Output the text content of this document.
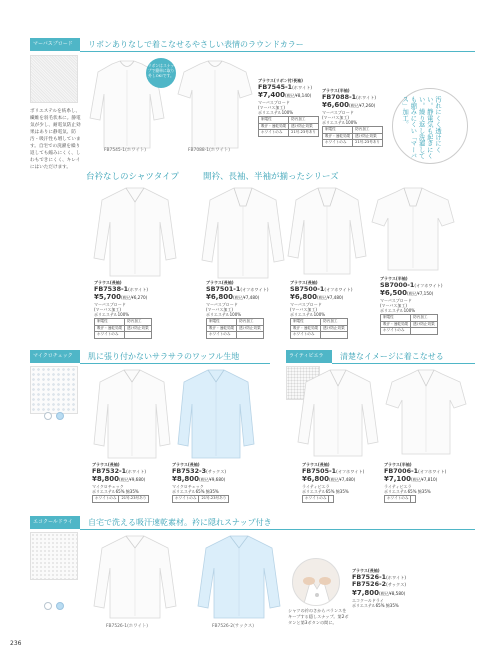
マーバスブロード	リボンありなしで着こなせるやさしい表情のラウンドカラー
ポリエステルを紡糸し、繊維を羽毛状本に。静電気が少し、耐電気防止効果はありに静電気、防汚・吸汗性も増しています。自宅での洗濯を繰り返しても縮みにくく、しわもできにくく、キレイにはいただけます。
リボンはスナップで簡単に取り外しOK!です。
FB7545-1(ホワイト)	FB7088-1(ホワイト)
ブラウス(リボン付/長袖)
FB7545-1(ホワイト)
¥7,400(税込¥8,140)
マーバスブロード
(マーバス加工)
ポリエステル100%
制電性	防汚加工
吸汗・速乾効果	透け防止効果
ホワイトのみ	21号-23号あり
ブラウス(半袖)
FB7088-1(ホワイト)
¥6,600(税込¥7,260)
マーバスブロード
(マーバス加工)
ポリエステル100%
制電性	防汚加工
吸汗・速乾効果	透け防止効果
ホワイトのみ	21号-23号あり	汚れにくく透けにくい。静電気も起きにくい。繰り返し洗濯しても縮みにくい「マーバス」加工。
台衿なしのシャツタイプ	開衿、長袖、半袖が揃ったシリーズ
ブラウス(長袖)
FB7538-1(ホワイト)
¥5,700(税込¥6,270)
マーバスブロード
(マーバス加工)
ポリエステル100%
制電性	防汚加工
吸汗・速乾効果	透け防止効果
ホワイトのみ	
ブラウス(長袖)
SB7501-1(オフホワイト)
¥6,800(税込¥7,480)
マーバスブロード
(マーバス加工)
ポリエステル100%
制電性	防汚加工
吸汗・速乾効果	透け防止効果
ホワイトのみ	
ブラウス(長袖)
SB7500-1(オフホワイト)
¥6,800(税込¥7,480)
マーバスブロード
(マーバス加工)
ポリエステル100%
制電性	防汚加工
吸汗・速乾効果	透け防止効果
ホワイトのみ	
ブラウス(半袖)
SB7000-1(オフホワイト)
¥6,500(税込¥7,150)
マーバスブロード
(マーバス加工)
ポリエステル100%
制電性	防汚加工
吸汗・速乾効果	透け防止効果
ホワイトのみ	
マイクロチェック	肌に張り付かないサラサラのワッフル生地
ブラウス(長袖)
FB7532-1(ホワイト)
¥8,800(税込¥9,680)
マイクロチェック
ポリエステル65% 綿35%
ホワイトのみ	21号-23号あり
ブラウス(長袖)
FB7532-3(サックス)
¥8,800(税込¥9,680)
マイクロチェック
ポリエステル65% 綿35%
ホワイトのみ	21号-23号あり
ライティピエラ	清楚なイメージに着こなせる
ブラウス(長袖)
FB7505-1(オフホワイト)
¥6,800(税込¥7,480)
ライティピエラ
ポリエステル65% 綿35%
ホワイトのみ	
ブラウス(半袖)
FB7006-1(オフホワイト)
¥7,100(税込¥7,810)
ライティピエラ
ポリエステル65% 綿35%
ホワイトのみ	
エコクールドライ	自宅で洗える吸汗速乾素材。衿に隠れスナップ付き
FB7526-1(ホワイト)	FB7526-2(サックス)
シャツの衿のさからバランスをキープする隠しスナップ。第2ボタンと第3ボタンの間に。
ブラウス(長袖)
FB7526-1(ホワイト)
FB7526-2(サックス)
¥7,800(税込¥8,580)
エコクールドライ
ポリエステル65% 綿35%
236
